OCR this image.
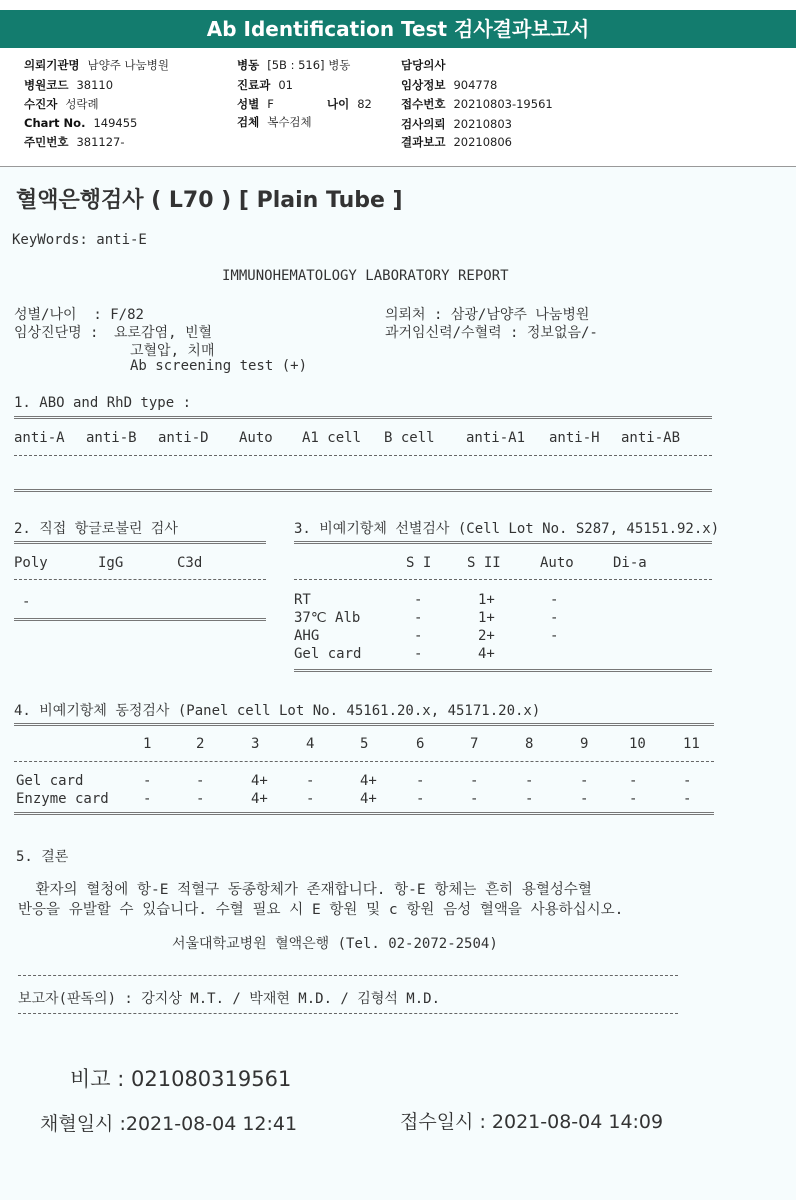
Ab Identification Test 검사결과보고서
의뢰기관명 남양주 나눔병원
병원코드 38110
수진자 성락례
Chart No. 149455
주민번호 381127-
병동 [5B : 516] 병동
진료과 01
성별 F	나이 82
검체 복수검체
담당의사
임상정보 904778
접수번호 20210803-19561
검사의뢰 20210803
결과보고 20210806
혈액은행검사 ( L70 ) [ Plain Tube ]
KeyWords: anti-E
IMMUNOHEMATOLOGY LABORATORY REPORT
성별/나이  : F/82
임상진단명 : 요로감염, 빈혈
고혈압, 치매
Ab screening test (+)
의뢰처 : 삼광/남양주 나눔병원
과거임신력/수혈력 : 정보없음/-
1. ABO and RhD type :
anti-A anti-B anti-D Auto A1 cell B cell anti-A1 anti-H anti-AB
2. 직접 항글로불린 검사
Poly	IgG	C3d
-
3. 비예기항체 선별검사 (Cell Lot No. S287, 45151.92.x)
S I	S II	Auto	Di-a
RT	-	1+	-
37℃ Alb	-	1+	-
AHG	-	2+	-
Gel card	-	4+
4. 비예기항체 동정검사 (Panel cell Lot No. 45161.20.x, 45171.20.x)
1	2	3	4	5	6	7	8	9	10	11
Gel card	-	-	4+	-	4+	-	-	-	-	-	-
Enzyme card -	-	4+	-	4+	-	-	-	-	-	-
5. 결론
환자의 혈청에 항-E 적혈구 동종항체가 존재합니다. 항-E 항체는 흔히 용혈성수혈
반응을 유발할 수 있습니다. 수혈 필요 시 E 항원 및 c 항원 음성 혈액을 사용하십시오.
서울대학교병원 혈액은행 (Tel. 02-2072-2504)
보고자(판독의) : 강지상 M.T. / 박재현 M.D. / 김형석 M.D.
비고 : 021080319561
채혈일시 :2021-08-04 12:41	접수일시 : 2021-08-04 14:09
